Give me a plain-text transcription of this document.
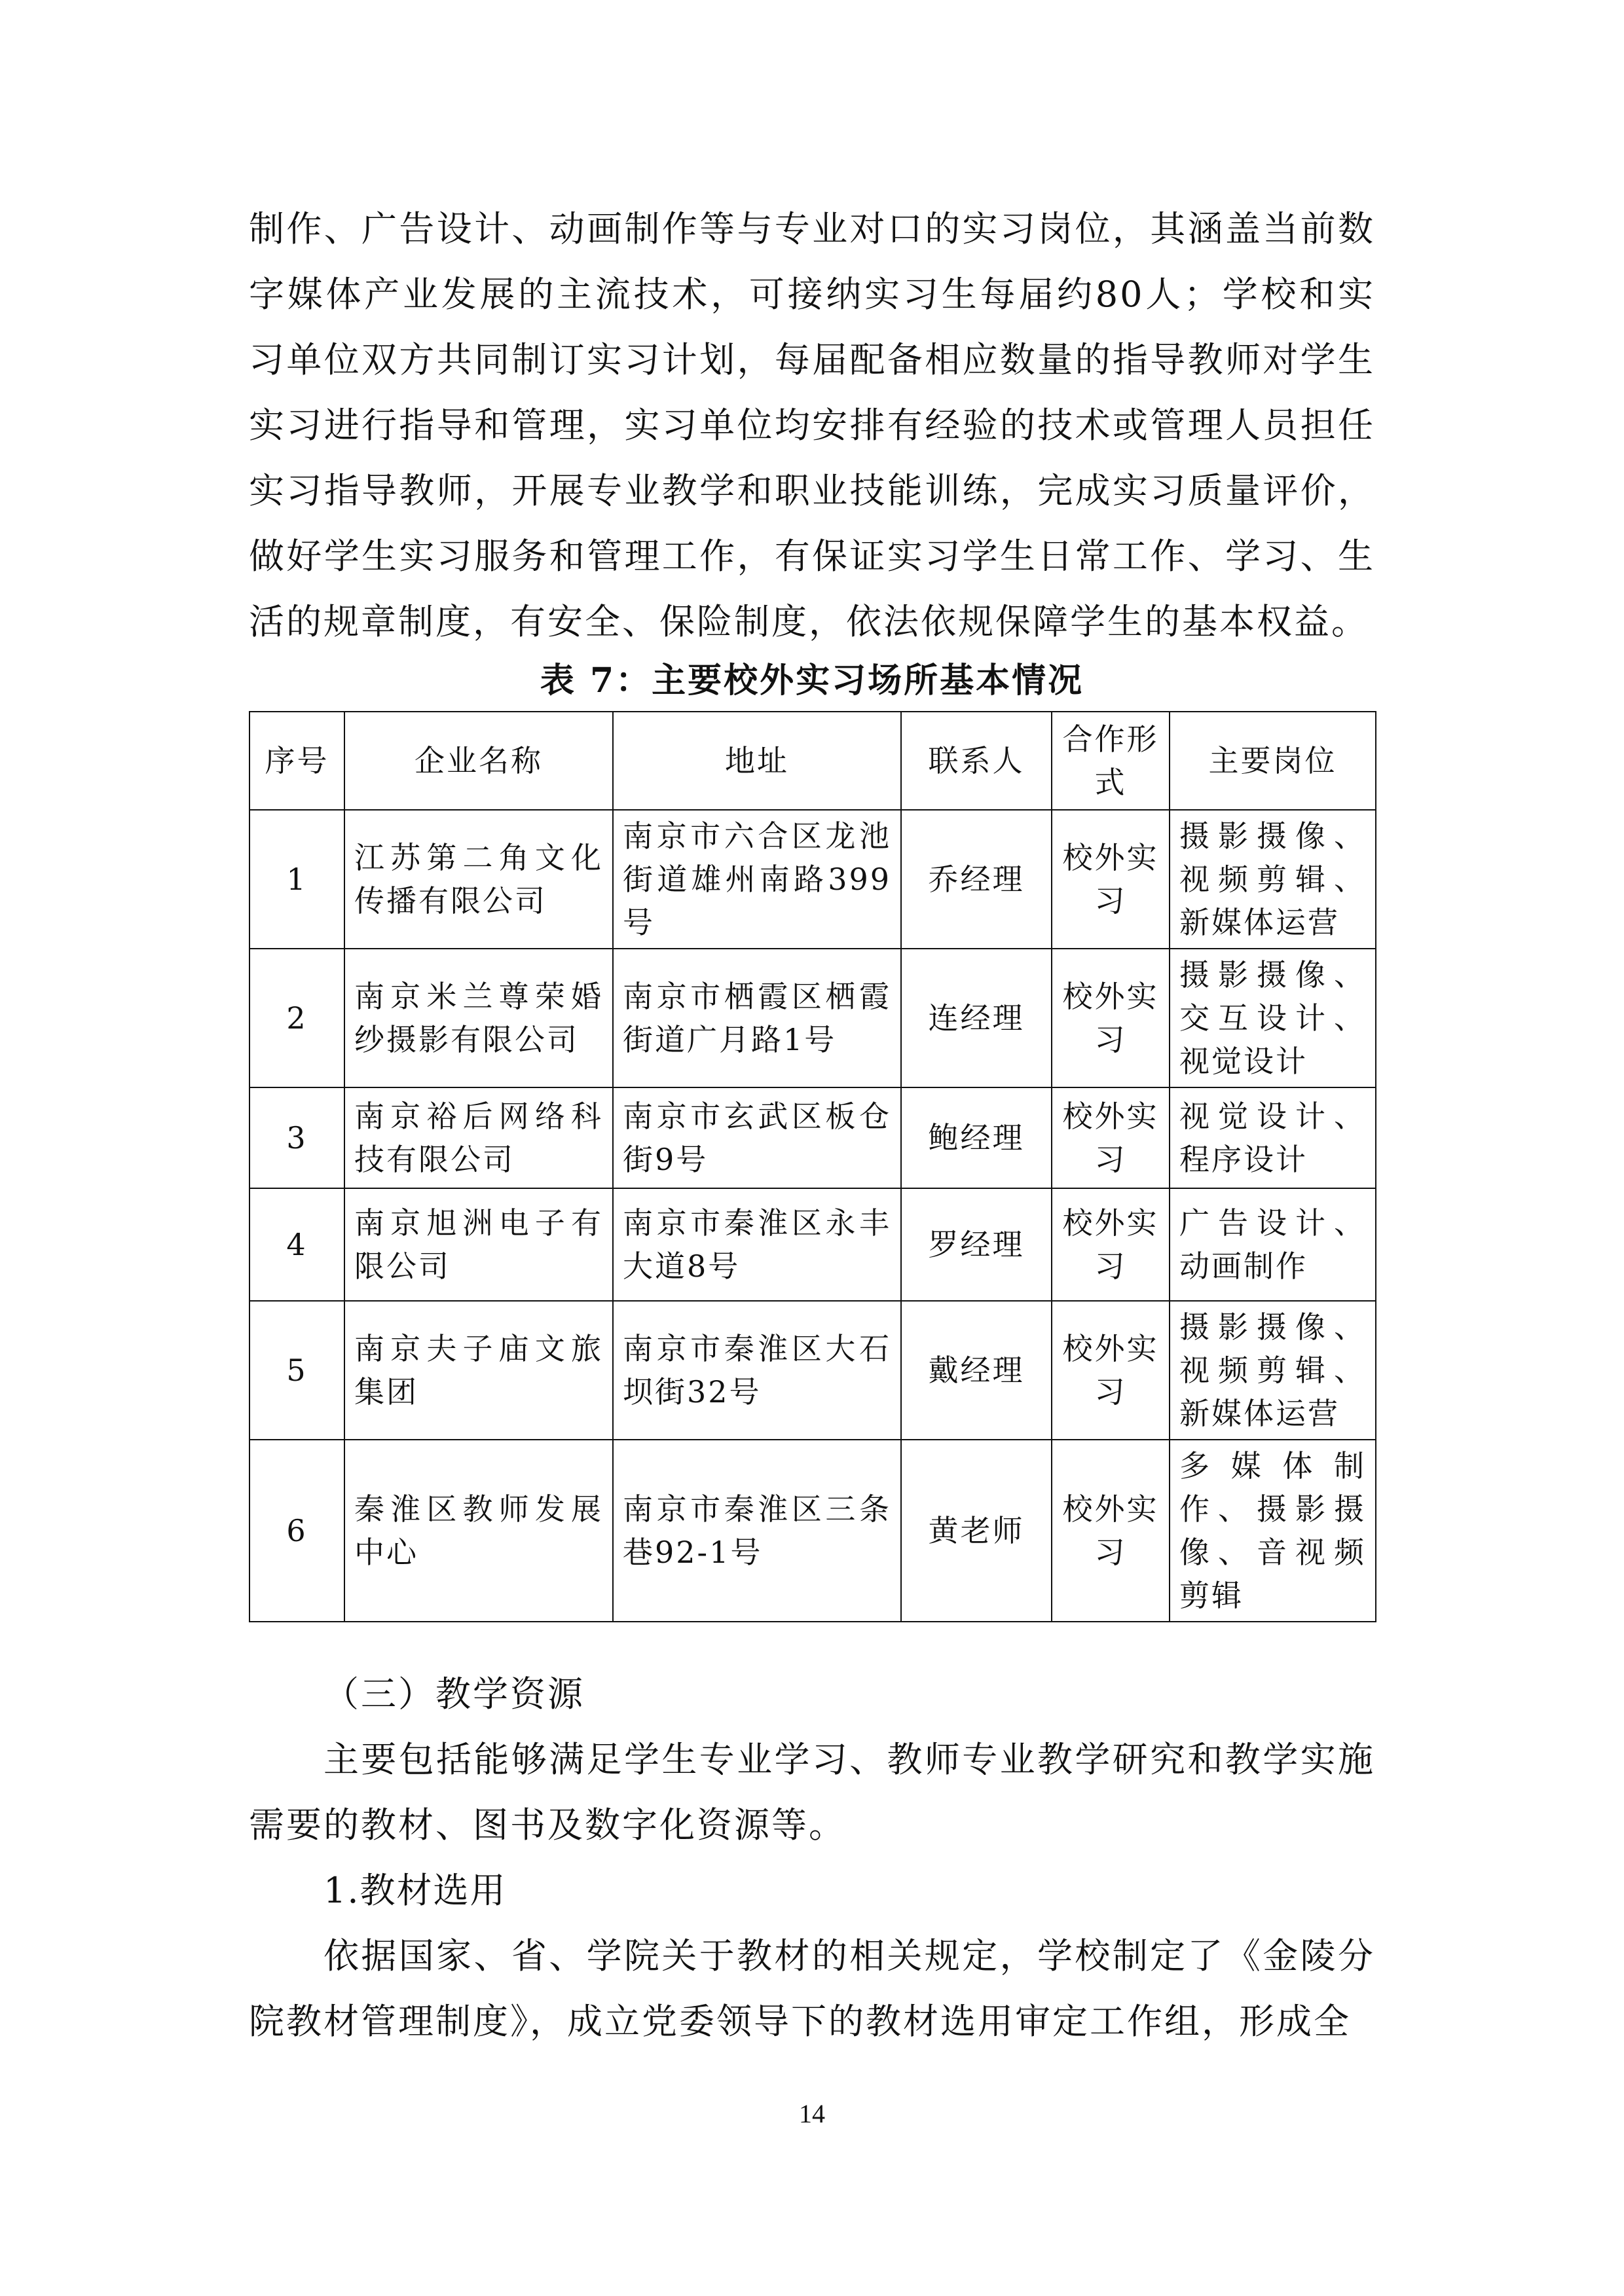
制作、广告设计、动画制作等与专业对口的实习岗位，其涵盖当前数字媒体产业发展的主流技术，可接纳实习生每届约80人；学校和实习单位双方共同制订实习计划，每届配备相应数量的指导教师对学生实习进行指导和管理，实习单位均安排有经验的技术或管理人员担任实习指导教师，开展专业教学和职业技能训练，完成实习质量评价，做好学生实习服务和管理工作，有保证实习学生日常工作、学习、生活的规章制度，有安全、保险制度，依法依规保障学生的基本权益。

表 7：主要校外实习场所基本情况
序号	企业名称	地址	联系人	合作形式	主要岗位
1	江苏第二角文化传播有限公司	南京市六合区龙池街道雄州南路399号	乔经理	校外实习	摄影摄像、视频剪辑、新媒体运营
2	南京米兰尊荣婚纱摄影有限公司	南京市栖霞区栖霞街道广月路1号	连经理	校外实习	摄影摄像、交互设计、视觉设计
3	南京裕后网络科技有限公司	南京市玄武区板仓街9号	鲍经理	校外实习	视觉设计、程序设计
4	南京旭洲电子有限公司	南京市秦淮区永丰大道8号	罗经理	校外实习	广告设计、动画制作
5	南京夫子庙文旅集团	南京市秦淮区大石坝街32号	戴经理	校外实习	摄影摄像、视频剪辑、新媒体运营
6	秦淮区教师发展中心	南京市秦淮区三条巷92-1号	黄老师	校外实习	多媒体制作、摄影摄像、音视频剪辑
（三）教学资源

主要包括能够满足学生专业学习、教师专业教学研究和教学实施需要的教材、图书及数字化资源等。

1.教材选用

依据国家、省、学院关于教材的相关规定，学校制定了《金陵分院教材管理制度》，成立党委领导下的教材选用审定工作组，形成全

14
